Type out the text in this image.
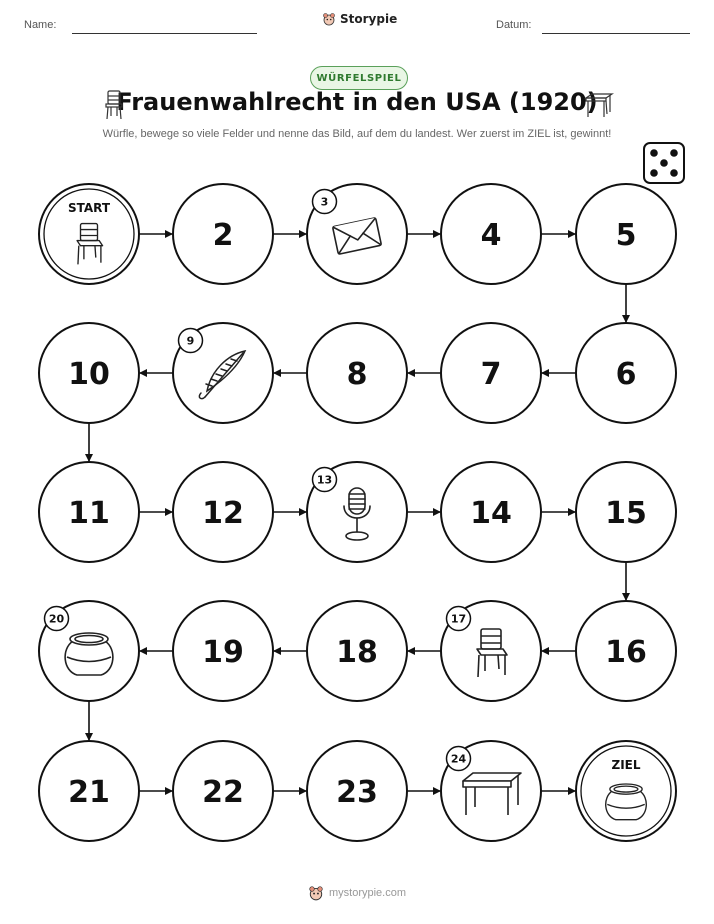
Name:	Storypie	Datum:
WÜRFELSPIEL
Frauenwahlrecht in den USA (1920)
Würfle, bewege so viele Felder und nenne das Bild, auf dem du landest. Wer zuerst im ZIEL ist, gewinnt!
START
2
3
4	5
6
7
8
9
10
11	12
13
14	15
16
17
18
19
20
21	22	23
24	ZIEL
mystorypie.com
